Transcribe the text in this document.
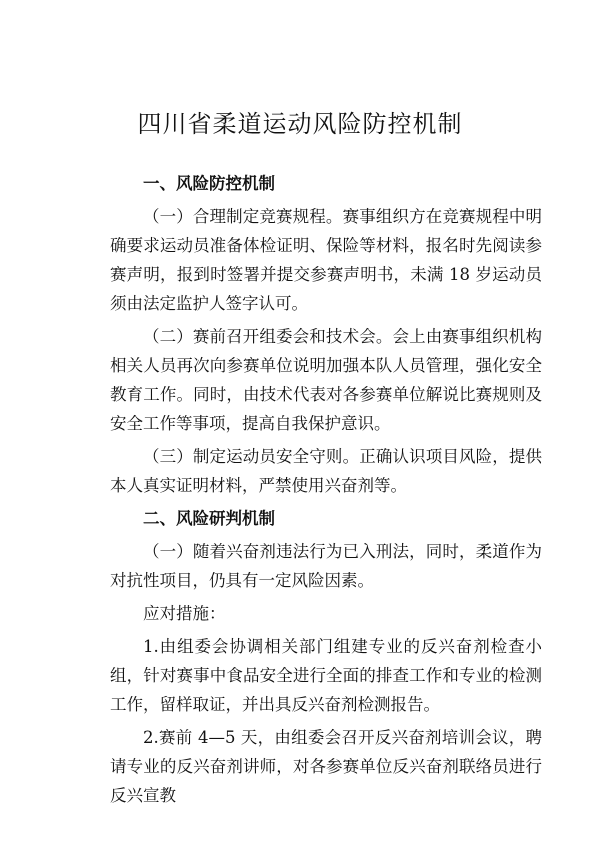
四川省柔道运动风险防控机制

一、风险防控机制

（一）合理制定竞赛规程。赛事组织方在竞赛规程中明确要求运动员准备体检证明、保险等材料，报名时先阅读参赛声明，报到时签署并提交参赛声明书，未满 18 岁运动员须由法定监护人签字认可。

（二）赛前召开组委会和技术会。会上由赛事组织机构相关人员再次向参赛单位说明加强本队人员管理，强化安全教育工作。同时，由技术代表对各参赛单位解说比赛规则及安全工作等事项，提高自我保护意识。

（三）制定运动员安全守则。正确认识项目风险，提供本人真实证明材料，严禁使用兴奋剂等。

二、风险研判机制

（一）随着兴奋剂违法行为已入刑法，同时，柔道作为对抗性项目，仍具有一定风险因素。

应对措施：

1.由组委会协调相关部门组建专业的反兴奋剂检查小组，针对赛事中食品安全进行全面的排查工作和专业的检测工作，留样取证，并出具反兴奋剂检测报告。

2.赛前 4—5 天，由组委会召开反兴奋剂培训会议，聘请专业的反兴奋剂讲师，对各参赛单位反兴奋剂联络员进行反兴宣教
